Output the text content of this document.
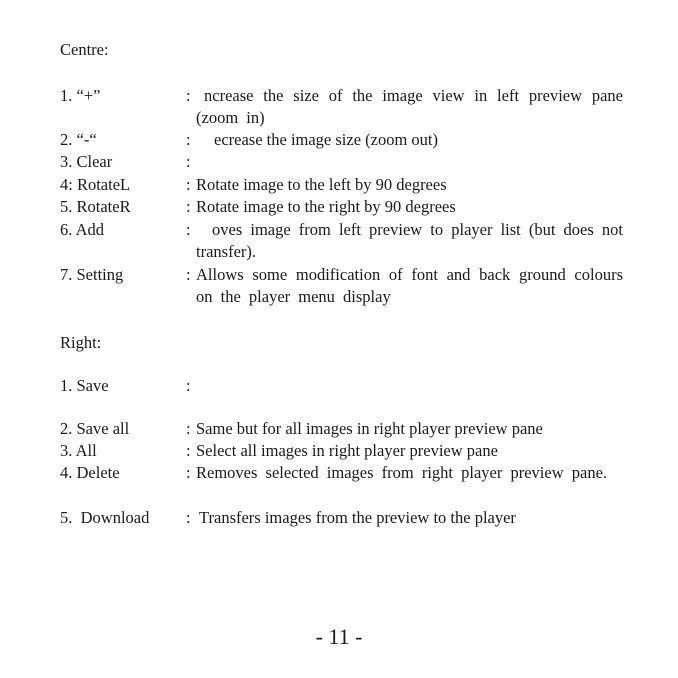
Centre:
1. “+”	: ncrease the size of the image view in left preview pane (zoom in)
2. “-“	:	ecrease the image size (zoom out)
3. Clear	:
4: RotateL	: Rotate image to the left by 90 degrees
5. RotateR	: Rotate image to the right by 90 degrees
6. Add	:	oves image from left preview to player list (but does not transfer).
7. Setting	: Allows some modification of font and back ground colours on the player menu display
Right:
1. Save	:
2. Save all	: Same but for all images in right player preview pane
3. All	: Select all images in right player preview pane
4. Delete	: Removes selected images from right player preview pane.
5.  Download : Transfers images from the preview to the player
- 11 -
